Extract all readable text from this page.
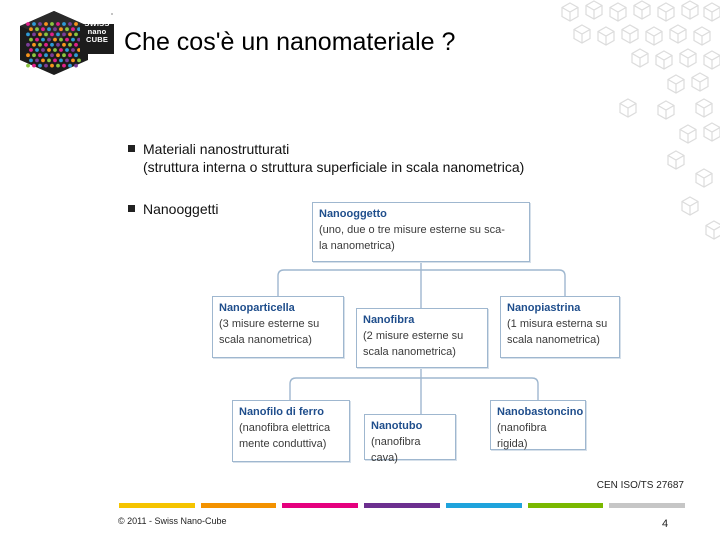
SWISS
nano
CUBE Che cos'è un nanomateriale ?
Materiali nanostrutturati
(struttura interna o struttura superficiale in scala nanometrica)
Nanooggetti	Nanooggetto
(uno, due o tre misure esterne su sca-
la nanometrica)
Nanoparticella
(3 misure esterne su
scala nanometrica)
Nanofibra
(2 misure esterne su
scala nanometrica)
Nanopiastrina
(1 misura esterna su
scala nanometrica)
Nanofilo di ferro
(nanofibra elettrica
mente conduttiva)
Nanotubo
(nanofibra cava)
Nanobastoncino
(nanofibra rigida)
CEN ISO/TS 27687
© 2011 - Swiss Nano-Cube	4
